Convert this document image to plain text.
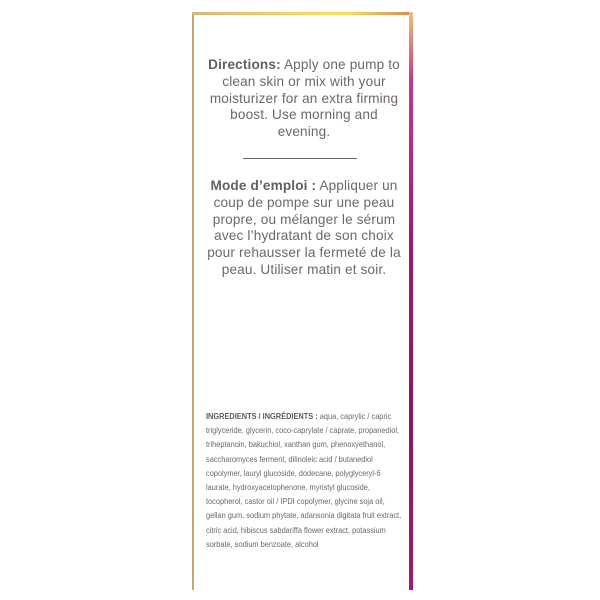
Directions: Apply one pump to clean skin or mix with your moisturizer for an extra firming boost. Use morning and evening.
Mode d’emploi : Appliquer un coup de pompe sur une peau propre, ou mélanger le sérum avec l’hydratant de son choix pour rehausser la fermeté de la peau. Utiliser matin et soir.
INGREDIENTS / INGRÉDIENTS : aqua, caprylic / capric triglyceride, glycerin, coco-caprylate / caprate, propanediol, triheptanoin, bakuchiol, xanthan gum, phenoxyethanol, saccharomyces ferment, dilinoleic acid / butanediol copolymer, lauryl glucoside, dodecane, polyglyceryl-6 laurate, hydroxyacetophenone, myristyl glucoside, tocopherol, castor oil / IPDI copolymer, glycine soja oil, gellan gum, sodium phytate, adansonia digitata fruit extract, citric acid, hibiscus sabdariffa flower extract, potassium sorbate, sodium benzoate, alcohol
